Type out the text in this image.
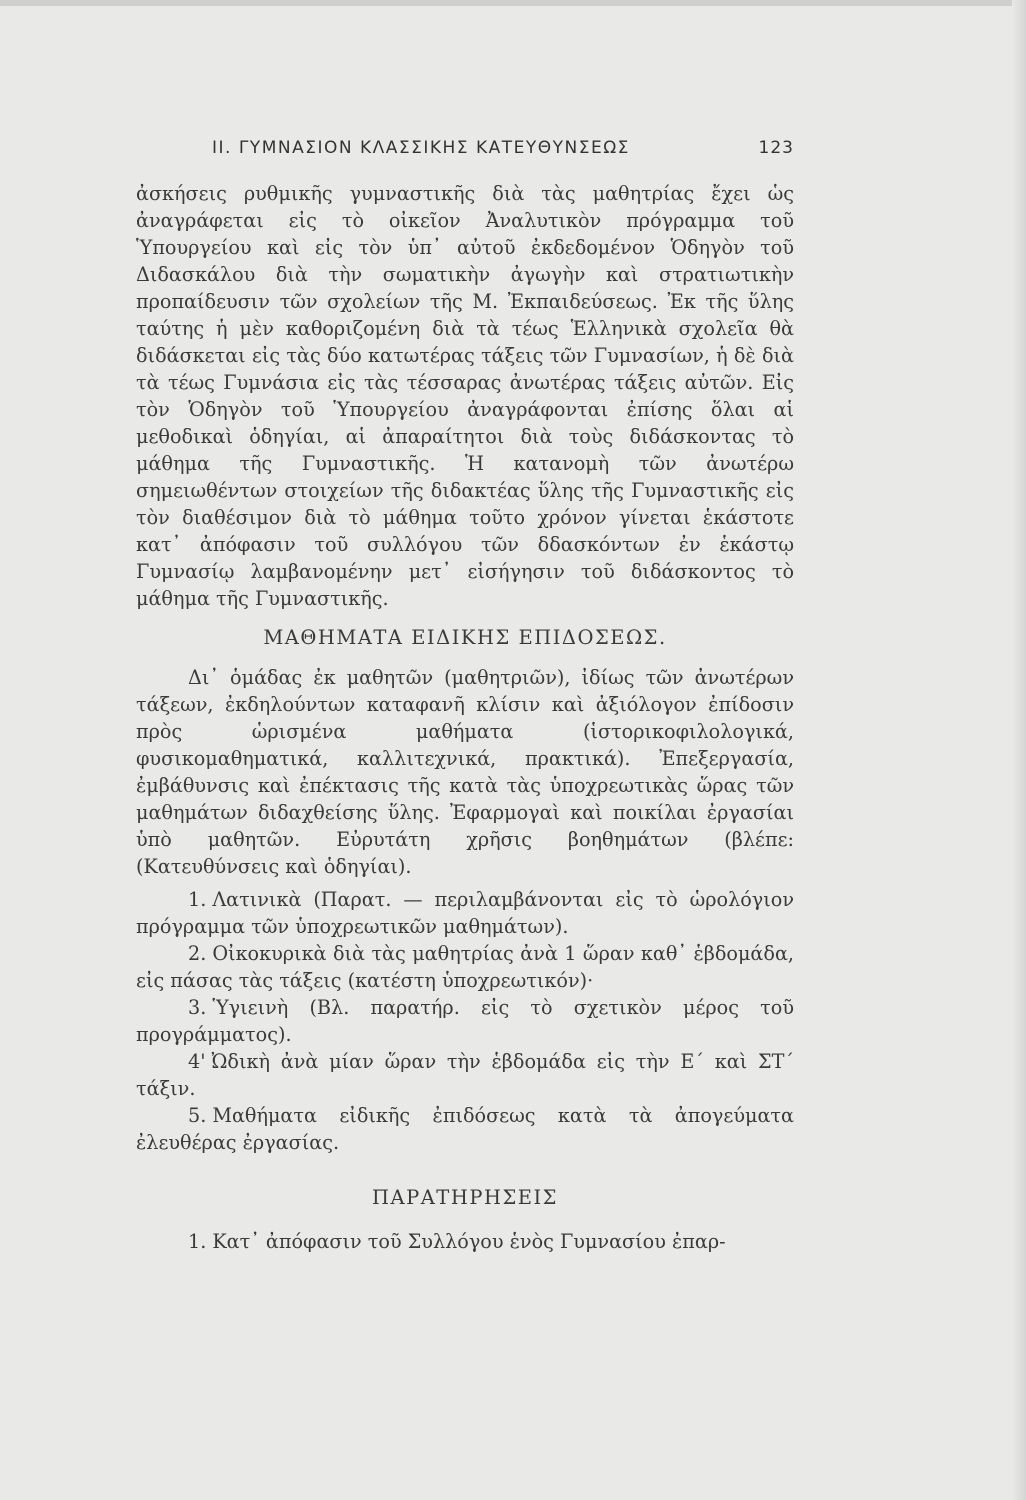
ΙΙ. ΓΥΜΝΑΣΙΟΝ ΚΛΑΣΣΙΚΗΣ ΚΑΤΕΥΘΥΝΣΕΩΣ	123

ἀσκήσεις ρυθμικῆς γυμναστικῆς διὰ τὰς μαθητρίας ἔχει ὡς ἀναγράφεται εἰς τὸ οἰκεῖον Ἀναλυτικὸν πρόγραμμα τοῦ Ὑπουργείου καὶ εἰς τὸν ὑπ᾽ αὐτοῦ ἐκδεδομένον Ὁδηγὸν τοῦ Διδασκάλου διὰ τὴν σωματικὴν ἀγωγὴν καὶ στρατιωτικὴν προπαίδευσιν τῶν σχολείων τῆς Μ. Ἐκπαιδεύσεως. Ἐκ τῆς ὕλης ταύτης ἡ μὲν καθοριζομένη διὰ τὰ τέως Ἑλληνικὰ σχολεῖα θὰ διδάσκεται εἰς τὰς δύο κατωτέρας τάξεις τῶν Γυμνασίων, ἡ δὲ διὰ τὰ τέως Γυμνάσια εἰς τὰς τέσσαρας ἀνωτέρας τάξεις αὐτῶν. Εἰς τὸν Ὁδηγὸν τοῦ Ὑπουργείου ἀναγράφονται ἐπίσης ὅλαι αἱ μεθοδικαὶ ὁδηγίαι, αἱ ἀπαραίτητοι διὰ τοὺς διδάσκοντας τὸ μάθημα τῆς Γυμναστικῆς. Ἡ κατανομὴ τῶν ἀνωτέρω σημειωθέντων στοιχείων τῆς διδακτέας ὕλης τῆς Γυμναστικῆς εἰς τὸν διαθέσιμον διὰ τὸ μάθημα τοῦτο χρόνον γίνεται ἑκάστοτε κατ᾽ ἀπόφασιν τοῦ συλλόγου τῶν δδασκόντων ἐν ἑκάστῳ Γυμνασίῳ λαμβανομένην μετ᾽ εἰσήγησιν τοῦ διδάσκοντος τὸ μάθημα τῆς Γυμναστικῆς.

ΜΑΘΗΜΑΤΑ ΕΙΔΙΚΗΣ ΕΠΙΔΟΣΕΩΣ.

Δι᾽ ὁμάδας ἐκ μαθητῶν (μαθητριῶν), ἰδίως τῶν ἀνωτέρων τάξεων, ἐκδηλούντων καταφανῆ κλίσιν καὶ ἀξιόλογον ἐπίδοσιν πρὸς ὡρισμένα μαθήματα (ἱστορικοφιλολογικά, φυσικομαθηματικά, καλλιτεχνικά, πρακτικά). Ἐπεξεργασία, ἐμβάθυνσις καὶ ἐπέκτασις τῆς κατὰ τὰς ὑποχρεωτικὰς ὥρας τῶν μαθημάτων διδαχθείσης ὕλης. Ἐφαρμογαὶ καὶ ποικίλαι ἐργασίαι ὑπὸ μαθητῶν. Εὐρυτάτη χρῆσις βοηθημάτων (βλέπε: (Κατευθύνσεις καὶ ὁδηγίαι).

1. Λατινικὰ (Παρατ. — περιλαμβάνονται εἰς τὸ ὡρολόγιον πρόγραμμα τῶν ὑποχρεωτικῶν μαθημάτων).

2. Οἰκοκυρικὰ διὰ τὰς μαθητρίας ἀνὰ 1 ὥραν καθ᾽ ἑβδομάδα, εἰς πάσας τὰς τάξεις (κατέστη ὑποχρεωτικόν)·

3. Ὑγιεινὴ (Βλ. παρατήρ. εἰς τὸ σχετικὸν μέρος τοῦ προγράμματος).

4' Ὠδικὴ ἀνὰ μίαν ὥραν τὴν ἑβδομάδα εἰς τὴν Ε΄ καὶ ΣΤ΄ τάξιν.

5. Μαθήματα εἰδικῆς ἐπιδόσεως κατὰ τὰ ἀπογεύματα ἐλευθέρας ἐργασίας.

ΠΑΡΑΤΗΡΗΣΕΙΣ

1. Κατ᾽ ἀπόφασιν τοῦ Συλλόγου ἑνὸς Γυμνασίου ἐπαρ-
